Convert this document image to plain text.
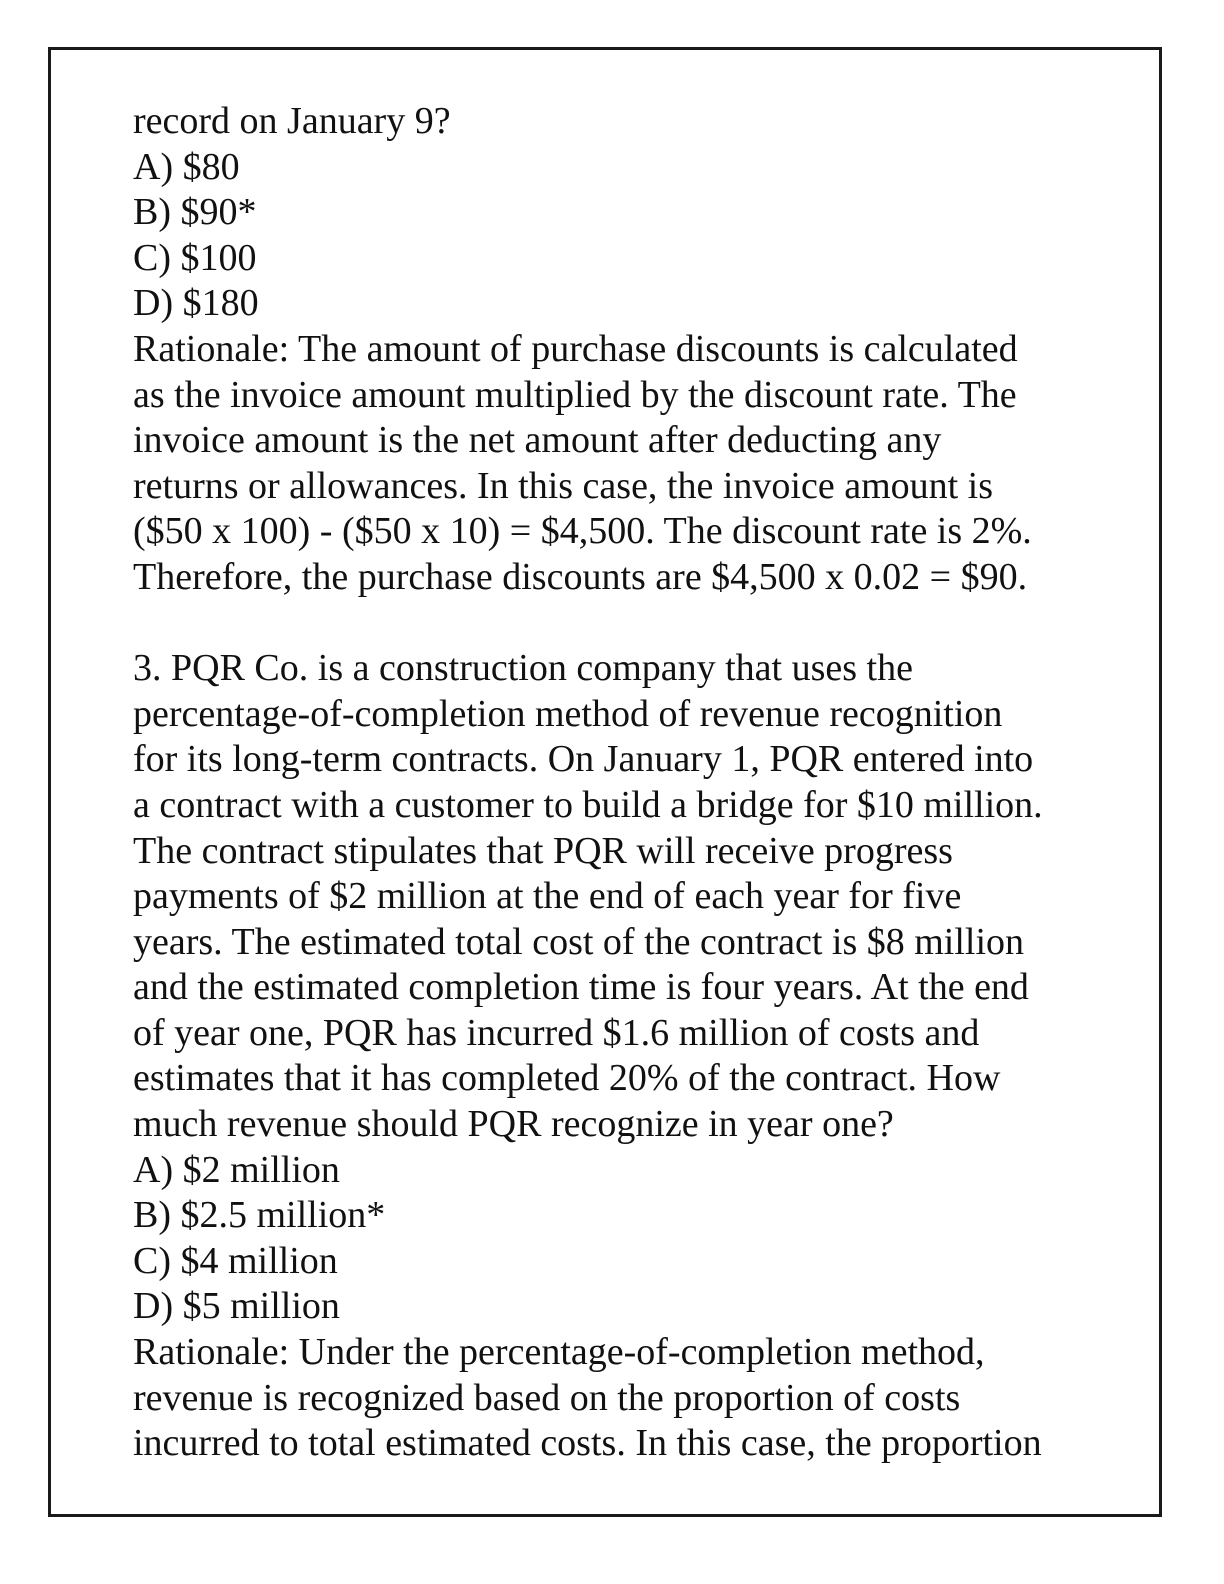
record on January 9?
A) $80
B) $90*
C) $100
D) $180
Rationale: The amount of purchase discounts is calculated
as the invoice amount multiplied by the discount rate. The
invoice amount is the net amount after deducting any
returns or allowances. In this case, the invoice amount is
($50 x 100) - ($50 x 10) = $4,500. The discount rate is 2%.
Therefore, the purchase discounts are $4,500 x 0.02 = $90.
3. PQR Co. is a construction company that uses the
percentage-of-completion method of revenue recognition
for its long-term contracts. On January 1, PQR entered into
a contract with a customer to build a bridge for $10 million.
The contract stipulates that PQR will receive progress
payments of $2 million at the end of each year for five
years. The estimated total cost of the contract is $8 million
and the estimated completion time is four years. At the end
of year one, PQR has incurred $1.6 million of costs and
estimates that it has completed 20% of the contract. How
much revenue should PQR recognize in year one?
A) $2 million
B) $2.5 million*
C) $4 million
D) $5 million
Rationale: Under the percentage-of-completion method,
revenue is recognized based on the proportion of costs
incurred to total estimated costs. In this case, the proportion
